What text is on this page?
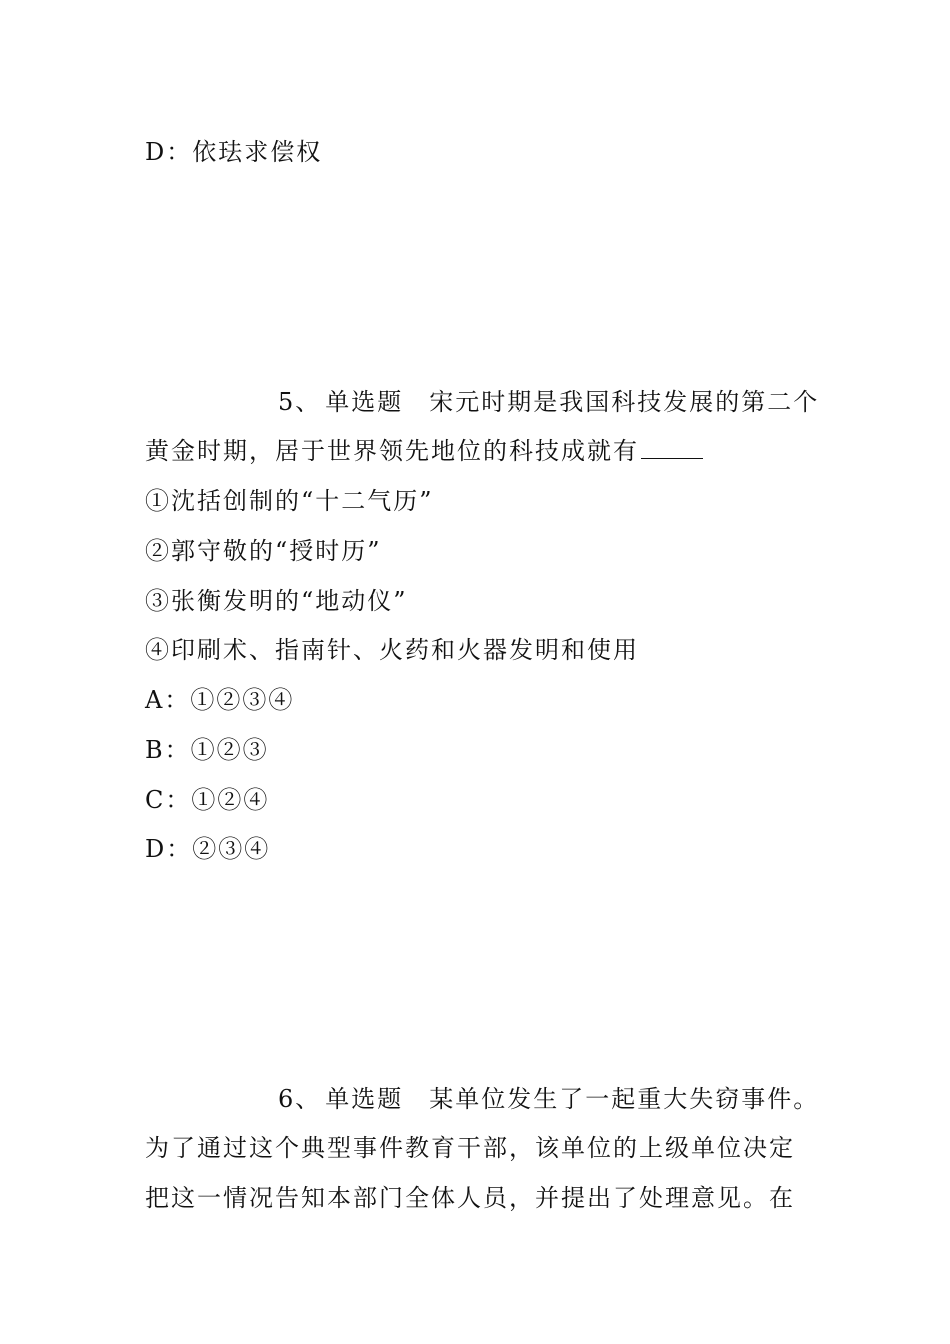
D：依珐求偿权
5、 单选题 宋元时期是我国科技发展的第二个
黄金时期，居于世界领先地位的科技成就有
①沈括创制的“十二气历”
②郭守敬的“授时历”
③张衡发明的“地动仪”
④印刷术、指南针、火药和火器发明和使用
A：①②③④
B：①②③
C：①②④
D：②③④
6、 单选题 某单位发生了一起重大失窃事件。
为了通过这个典型事件教育干部，该单位的上级单位决定
把这一情况告知本部门全体人员，并提出了处理意见。在
